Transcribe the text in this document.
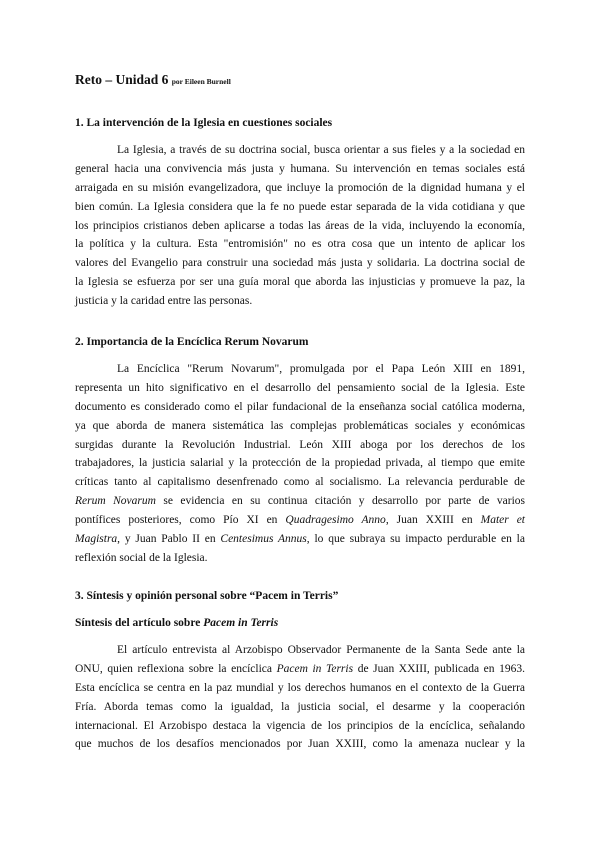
Reto – Unidad 6 por Eileen Burnell
1. La intervención de la Iglesia en cuestiones sociales
La Iglesia, a través de su doctrina social, busca orientar a sus fieles y a la sociedad en
general hacia una convivencia más justa y humana. Su intervención en temas sociales está
arraigada en su misión evangelizadora, que incluye la promoción de la dignidad humana y el
bien común. La Iglesia considera que la fe no puede estar separada de la vida cotidiana y que
los principios cristianos deben aplicarse a todas las áreas de la vida, incluyendo la economía,
la política y la cultura. Esta "entromisión" no es otra cosa que un intento de aplicar los
valores del Evangelio para construir una sociedad más justa y solidaria. La doctrina social de
la Iglesia se esfuerza por ser una guía moral que aborda las injusticias y promueve la paz, la
justicia y la caridad entre las personas.
2. Importancia de la Encíclica Rerum Novarum
La Encíclica "Rerum Novarum", promulgada por el Papa León XIII en 1891,
representa un hito significativo en el desarrollo del pensamiento social de la Iglesia. Este
documento es considerado como el pilar fundacional de la enseñanza social católica moderna,
ya que aborda de manera sistemática las complejas problemáticas sociales y económicas
surgidas durante la Revolución Industrial. León XIII aboga por los derechos de los
trabajadores, la justicia salarial y la protección de la propiedad privada, al tiempo que emite
críticas tanto al capitalismo desenfrenado como al socialismo. La relevancia perdurable de
Rerum Novarum se evidencia en su continua citación y desarrollo por parte de varios
pontífices posteriores, como Pío XI en Quadragesimo Anno, Juan XXIII en Mater et
Magistra, y Juan Pablo II en Centesimus Annus, lo que subraya su impacto perdurable en la
reflexión social de la Iglesia.
3. Síntesis y opinión personal sobre “Pacem in Terris”
Síntesis del artículo sobre Pacem in Terris
El artículo entrevista al Arzobispo Observador Permanente de la Santa Sede ante la
ONU, quien reflexiona sobre la encíclica Pacem in Terris de Juan XXIII, publicada en 1963.
Esta encíclica se centra en la paz mundial y los derechos humanos en el contexto de la Guerra
Fría. Aborda temas como la igualdad, la justicia social, el desarme y la cooperación
internacional. El Arzobispo destaca la vigencia de los principios de la encíclica, señalando
que muchos de los desafíos mencionados por Juan XXIII, como la amenaza nuclear y la
